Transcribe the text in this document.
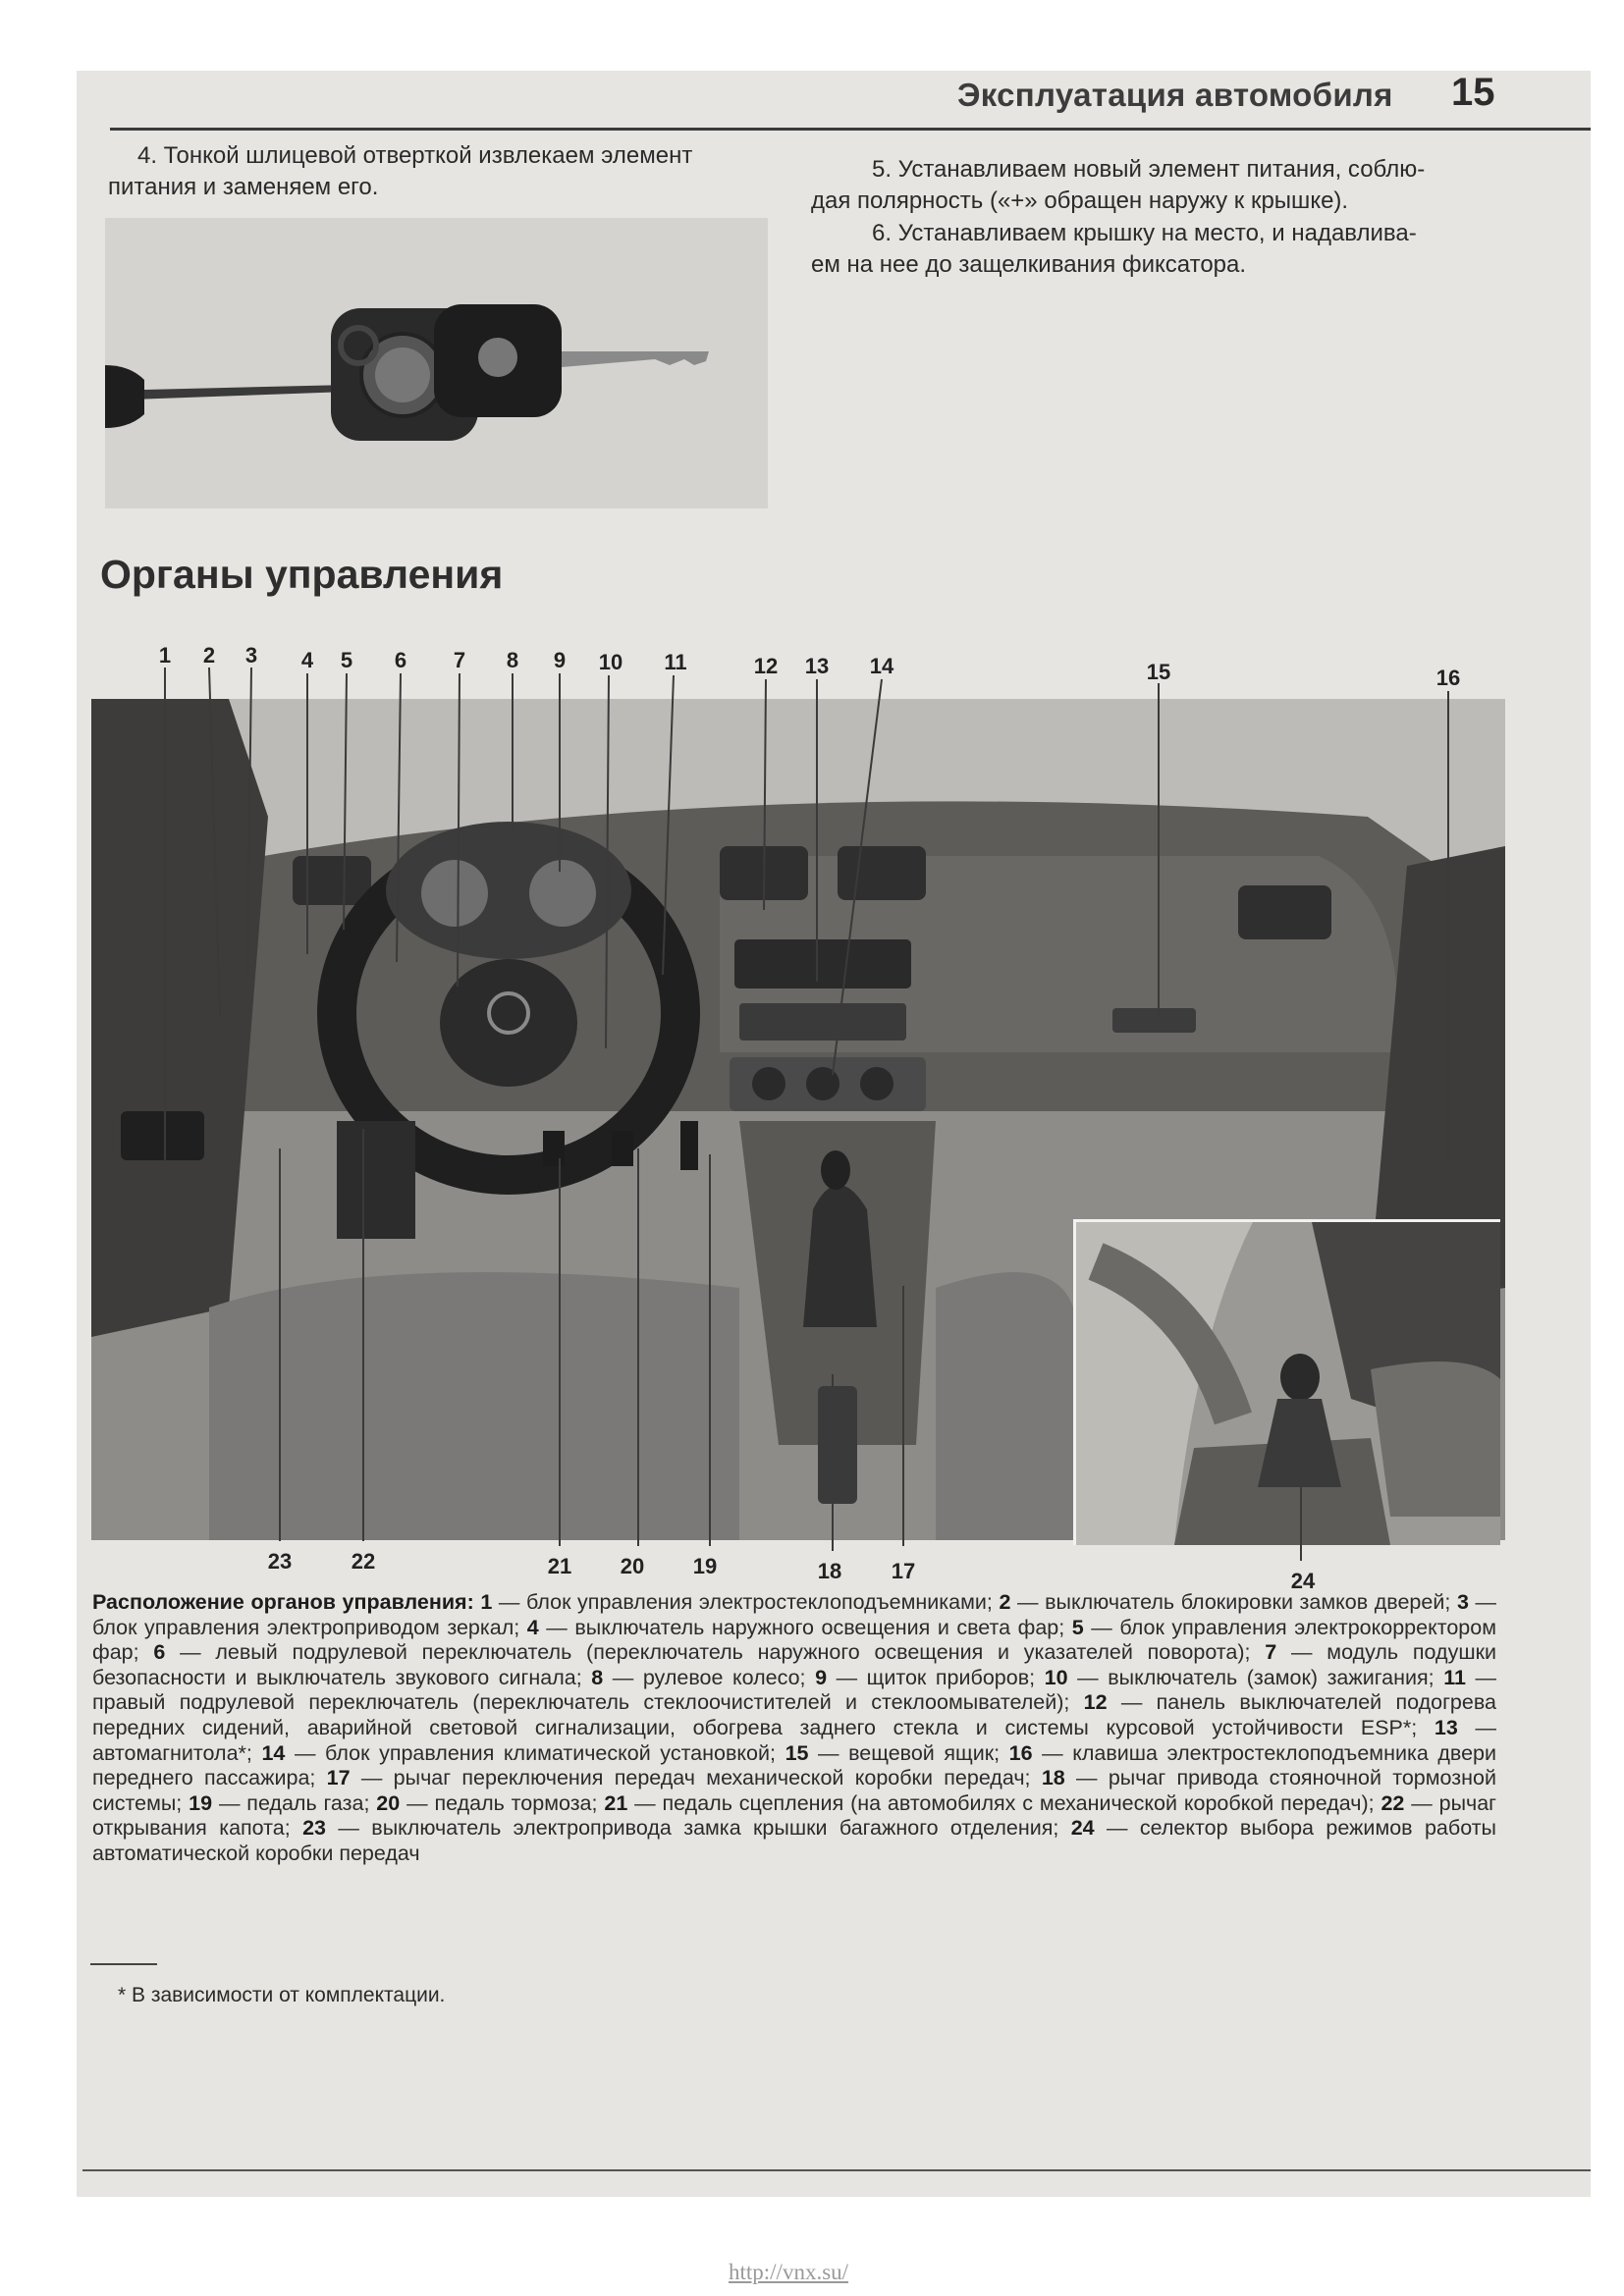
Эксплуатация автомобиля 15
4. Тонкой шлицевой отверткой извлекаем элемент
питания и заменяем его.
5. Устанавливаем новый элемент питания, соблю-
дая полярность («+» обращен наружу к крышке).
6. Устанавливаем крышку на место, и надавлива-
ем на нее до защелкивания фиксатора.
Органы управления
1 2 3 4 5 6 7 8 9 10 11	12 13 14	15	16
23	22	21 20 19	18 17	24
Расположение органов управления: 1 — блок управления электростеклоподъемниками; 2 — выключатель блокировки замков дверей; 3 — блок управления электроприводом зеркал; 4 — выключатель наружного освещения и света фар; 5 — блок управления электрокорректором фар; 6 — левый подрулевой переключатель (переключатель наружного освещения и указателей поворота); 7 — модуль подушки безопасности и выключатель звукового сигнала; 8 — рулевое колесо; 9 — щиток приборов; 10 — выключатель (замок) зажигания; 11 — правый подрулевой переключатель (переключатель стеклоочистителей и стеклоомывателей); 12 — панель выключателей подогрева передних сидений, аварийной световой сигнализации, обогрева заднего стекла и системы курсовой устойчивости ESP*; 13 — автомагнитола*; 14 — блок управления климатической установкой; 15 — вещевой ящик; 16 — клавиша электростеклоподъемника двери переднего пассажира; 17 — рычаг переключения передач механической коробки передач; 18 — рычаг привода стояночной тормозной системы; 19 — педаль газа; 20 — педаль тормоза; 21 — педаль сцепления (на автомобилях с механической коробкой передач); 22 — рычаг открывания капота; 23 — выключатель электропривода замка крышки багажного отделения; 24 — селектор выбора режимов работы автоматической коробки передач
* В зависимости от комплектации.
http://vnx.su/
